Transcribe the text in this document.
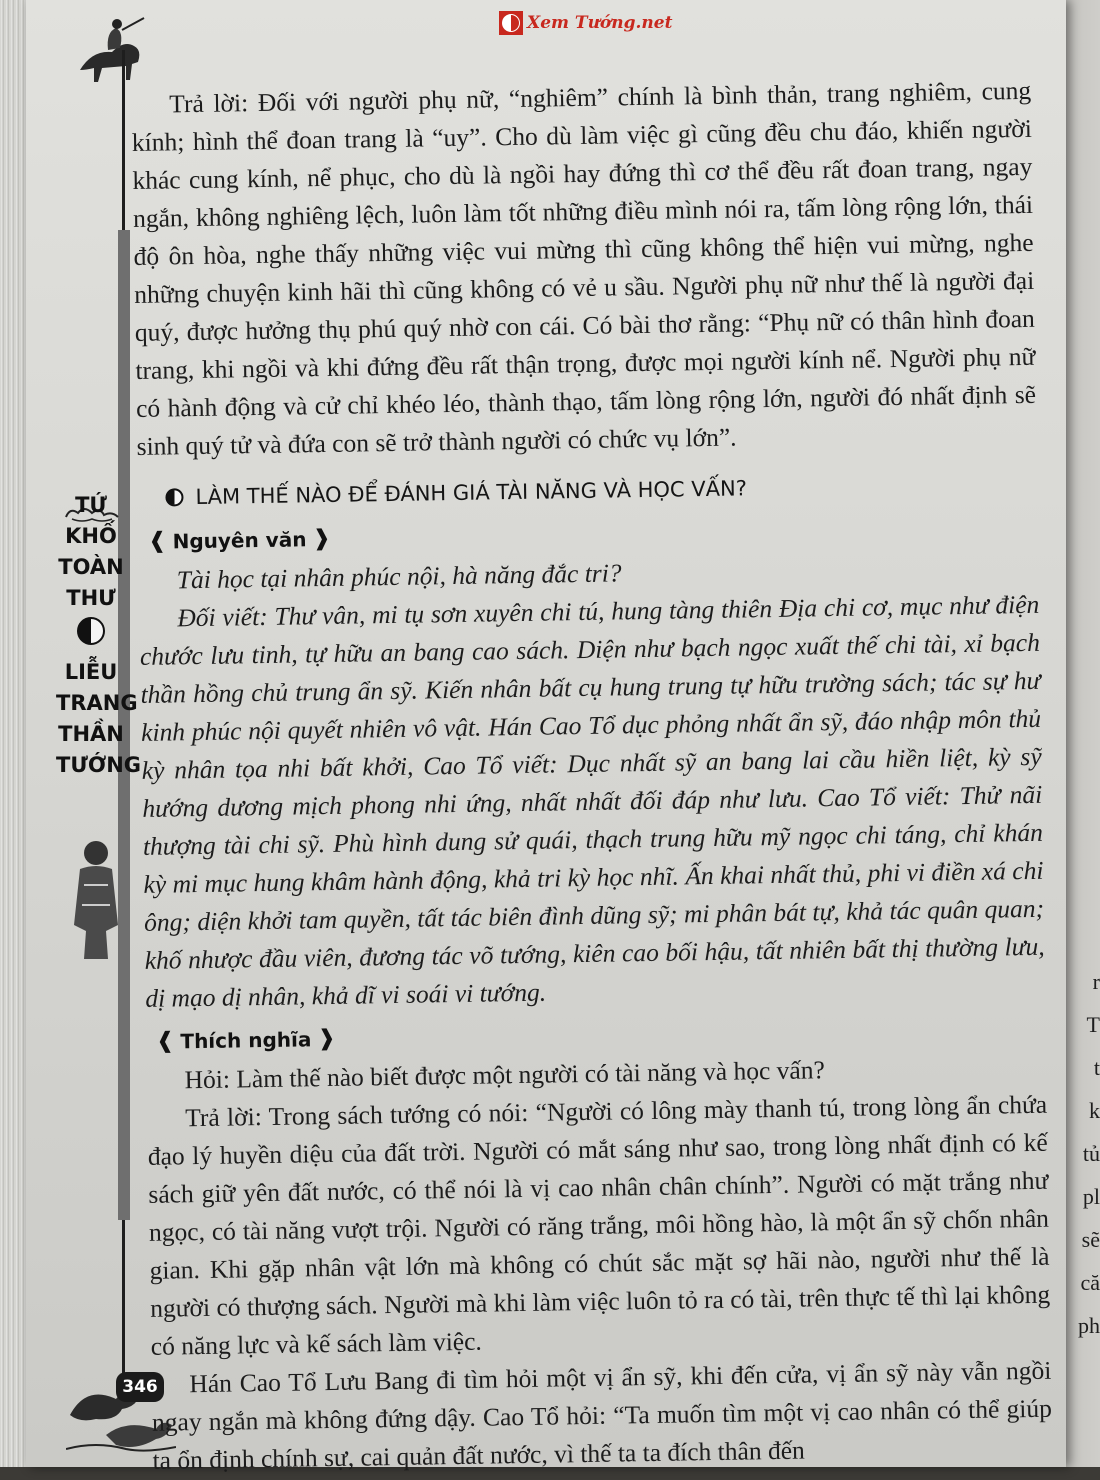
r
T
t
k
tủ
pl
sẽ
că
ph
Xem Tướng.net
TỨ
KHỐ
TOÀN
THƯ
LIỄU
TRANG
THẦN
TƯỚNG
346

Trả lời: Đối với người phụ nữ, “nghiêm” chính là bình thản, trang nghiêm, cung kính; hình thể đoan trang là “uy”. Cho dù làm việc gì cũng đều chu đáo, khiến người khác cung kính, nể phục, cho dù là ngồi hay đứng thì cơ thể đều rất đoan trang, ngay ngắn, không nghiêng lệch, luôn làm tốt những điều mình nói ra, tấm lòng rộng lớn, thái độ ôn hòa, nghe thấy những việc vui mừng thì cũng không thể hiện vui mừng, nghe những chuyện kinh hãi thì cũng không có vẻ u sầu. Người phụ nữ như thế là người đại quý, được hưởng thụ phú quý nhờ con cái. Có bài thơ rằng: “Phụ nữ có thân hình đoan trang, khi ngồi và khi đứng đều rất thận trọng, được mọi người kính nể. Người phụ nữ có hành động và cử chỉ khéo léo, thành thạo, tấm lòng rộng lớn, người đó nhất định sẽ sinh quý tử và đứa con sẽ trở thành người có chức vụ lớn”.

LÀM THẾ NÀO ĐỂ ĐÁNH GIÁ TÀI NĂNG VÀ HỌC VẤN?
❰ Nguyên văn ❱

Tài học tại nhân phúc nội, hà năng đắc tri?

Đối viết: Thư vân, mi tụ sơn xuyên chi tú, hung tàng thiên Địa chi cơ, mục như điện chước lưu tinh, tự hữu an bang cao sách. Diện như bạch ngọc xuất thế chi tài, xỉ bạch thần hồng chủ trung ẩn sỹ. Kiến nhân bất cụ hung trung tự hữu trường sách; tác sự hư kinh phúc nội quyết nhiên vô vật. Hán Cao Tổ dục phỏng nhất ẩn sỹ, đáo nhập môn thủ kỳ nhân tọa nhi bất khởi, Cao Tổ viết: Dục nhất sỹ an bang lai cầu hiền liệt, kỳ sỹ hướng dương mịch phong nhi ứng, nhất nhất đối đáp như lưu. Cao Tổ viết: Thử nãi thượng tài chi sỹ. Phù hình dung sử quái, thạch trung hữu mỹ ngọc chi táng, chỉ khán kỳ mi mục hung khâm hành động, khả tri kỳ học nhĩ. Ấn khai nhất thủ, phi vi điền xá chi ông; diện khởi tam quyền, tất tác biên đình dũng sỹ; mi phân bát tự, khả tác quân quan; khố nhược đầu viên, đương tác võ tướng, kiên cao bối hậu, tất nhiên bất thị thường lưu, dị mạo dị nhân, khả dĩ vi soái vi tướng.

❰ Thích nghĩa ❱

Hỏi: Làm thế nào biết được một người có tài năng và học vấn?

Trả lời: Trong sách tướng có nói: “Người có lông mày thanh tú, trong lòng ẩn chứa đạo lý huyền diệu của đất trời. Người có mắt sáng như sao, trong lòng nhất định có kế sách giữ yên đất nước, có thể nói là vị cao nhân chân chính”. Người có mặt trắng như ngọc, có tài năng vượt trội. Người có răng trắng, môi hồng hào, là một ẩn sỹ chốn nhân gian. Khi gặp nhân vật lớn mà không có chút sắc mặt sợ hãi nào, người như thế là người có thượng sách. Người mà khi làm việc luôn tỏ ra có tài, trên thực tế thì lại không có năng lực và kế sách làm việc.

Hán Cao Tổ Lưu Bang đi tìm hỏi một vị ẩn sỹ, khi đến cửa, vị ẩn sỹ này vẫn ngồi ngay ngắn mà không đứng dậy. Cao Tổ hỏi: “Ta muốn tìm một vị cao nhân có thể giúp ta ổn định chính sự, cai quản đất nước, vì thế ta ta đích thân đến
